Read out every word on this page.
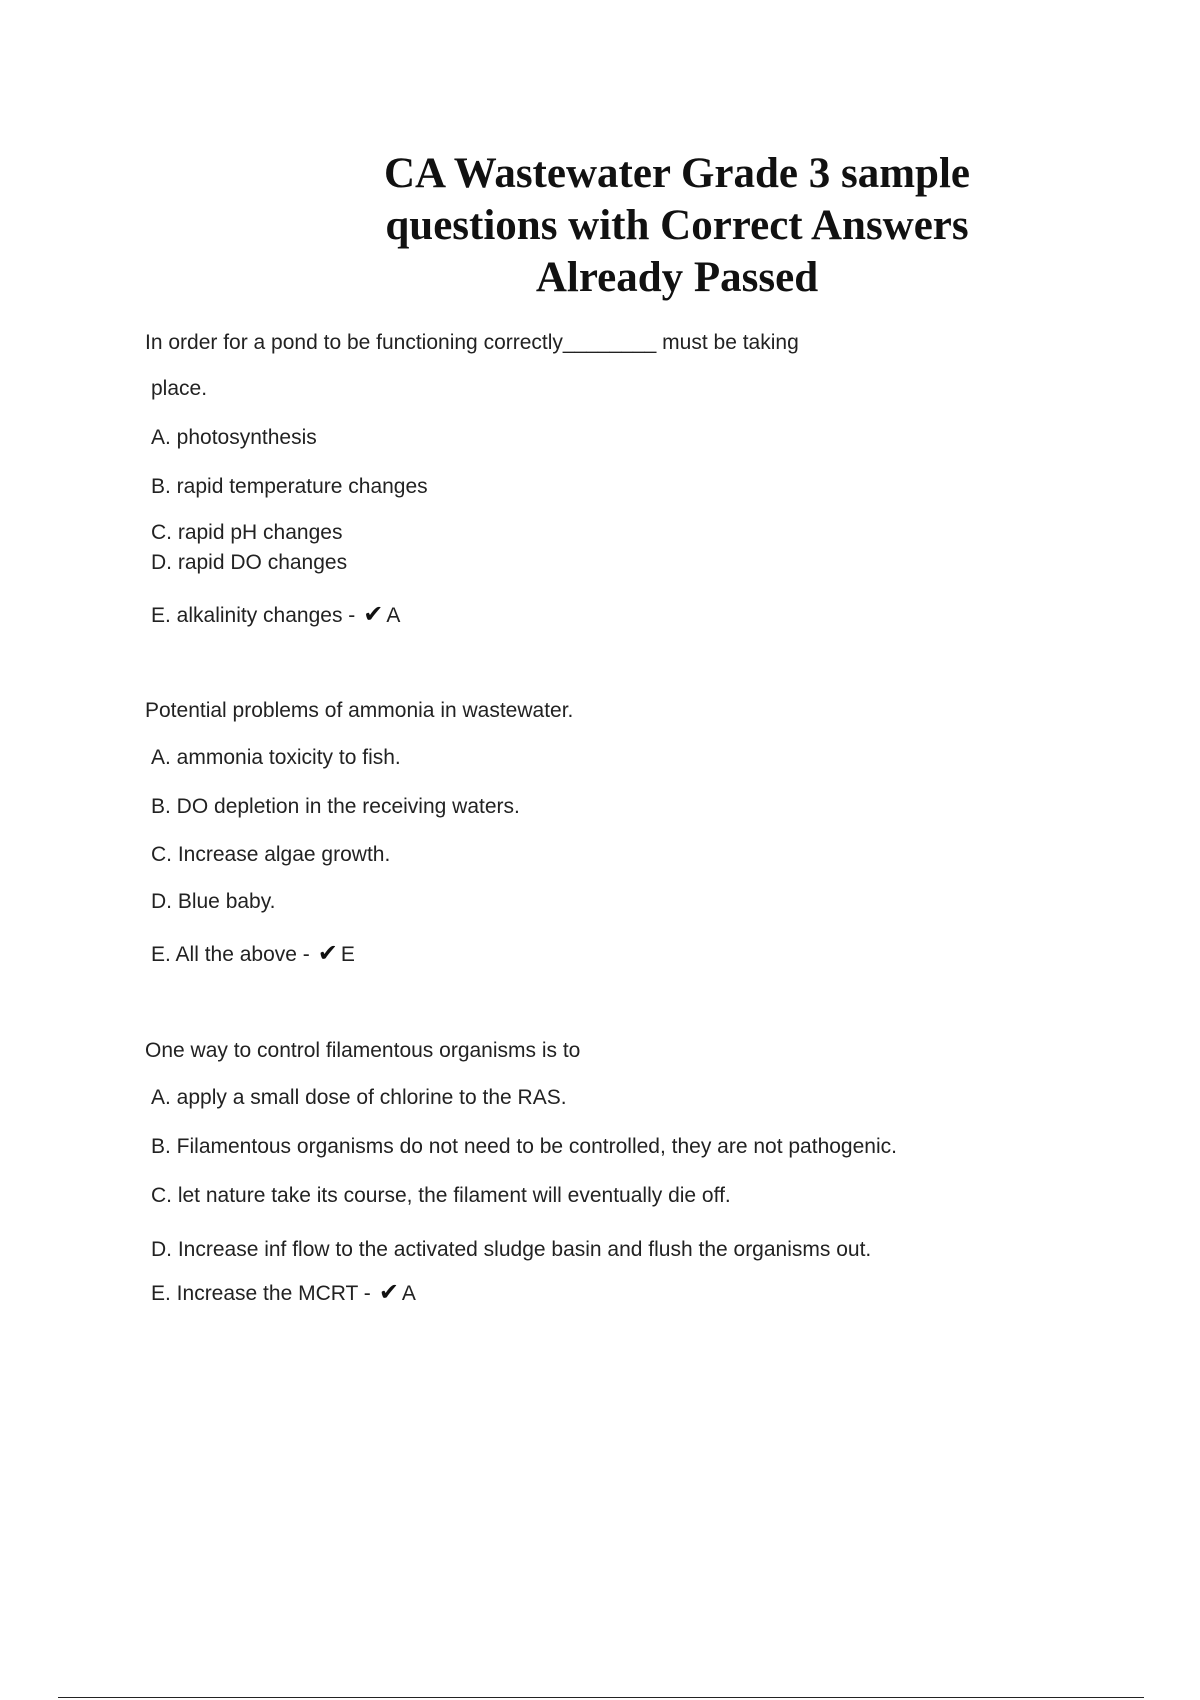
CA Wastewater Grade 3 sample
questions with Correct Answers
Already Passed
In order for a pond to be functioning correctly________ must be taking
place.
A. photosynthesis
B. rapid temperature changes
C. rapid pH changes
D. rapid DO changes
E. alkalinity changes - ✔ A
Potential problems of ammonia in wastewater.
A. ammonia toxicity to fish.
B. DO depletion in the receiving waters.
C. Increase algae growth.
D. Blue baby.
E. All the above - ✔ E
One way to control filamentous organisms is to
A. apply a small dose of chlorine to the RAS.
B. Filamentous organisms do not need to be controlled, they are not pathogenic.
C. let nature take its course, the filament will eventually die off.
D. Increase inf flow to the activated sludge basin and flush the organisms out.
E. Increase the MCRT - ✔ A
